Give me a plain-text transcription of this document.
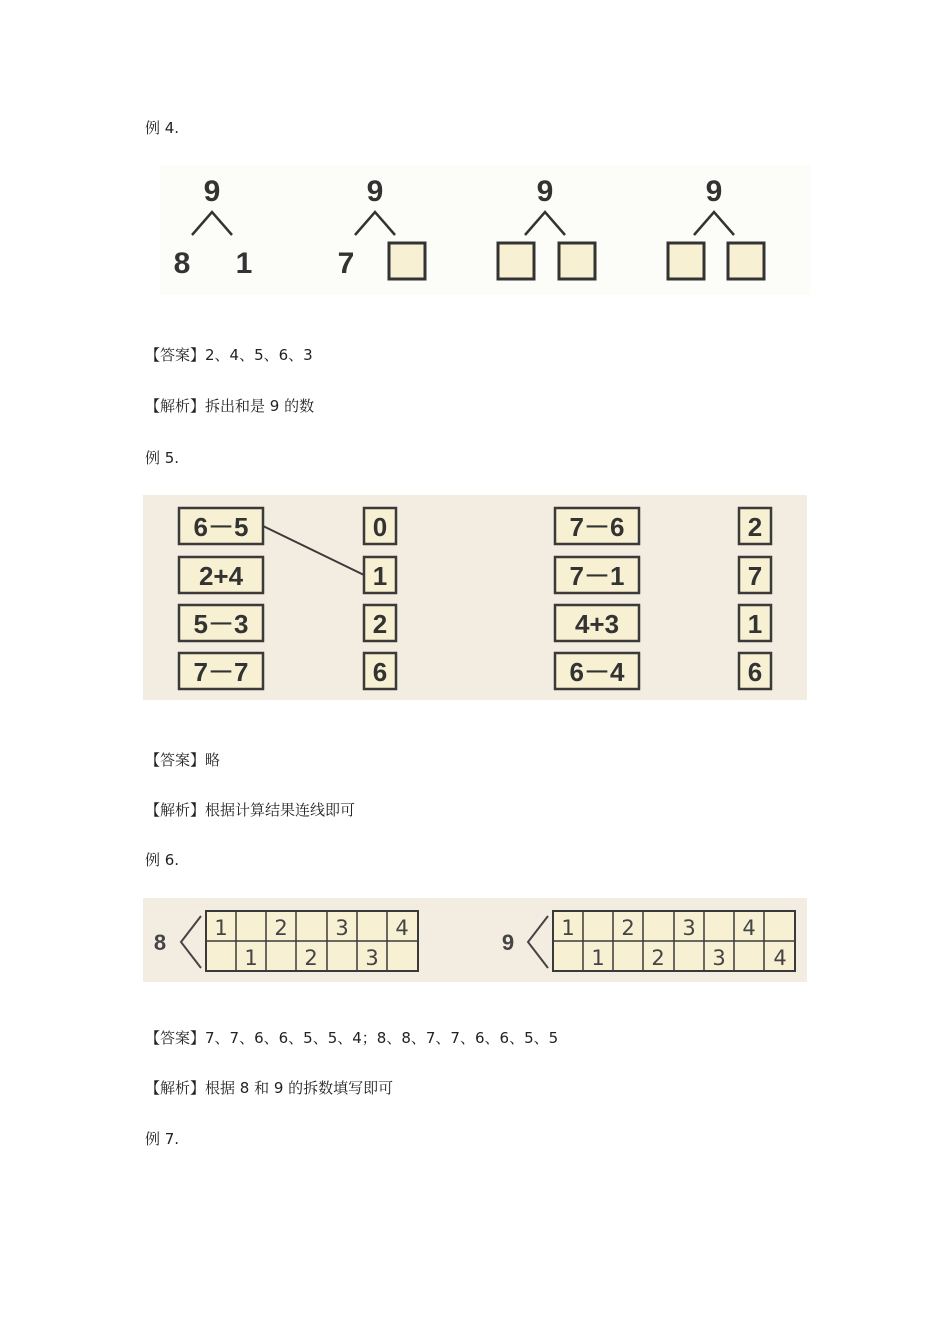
例 4.
9
8 1
9
7
9	9
【答案】2、4、5、6、3
【解析】拆出和是 9 的数
例 5.
6－5
2+4
5－3
7－7
0
1
2
6
7－6
7－1
4+3
6－4
2
7
1
6
【答案】略
【解析】根据计算结果连线即可
例 6.
8
1 2 3 4
1 2 3
9
1 2 3 4
1 2 3 4
【答案】7、7、6、6、5、5、4；8、8、7、7、6、6、5、5
【解析】根据 8 和 9 的拆数填写即可
例 7.
